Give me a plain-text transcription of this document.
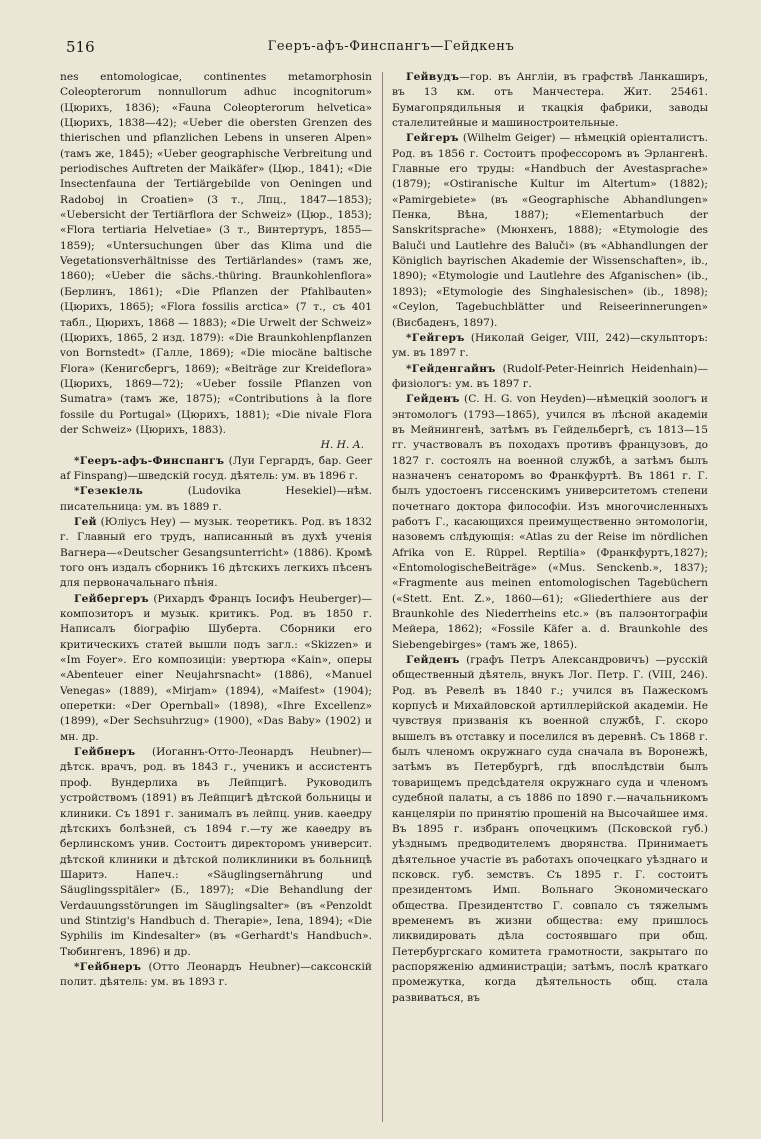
516	Гееръ-афъ-Финспангъ—Гейдкенъ

nes entomologicae, continentes metamorphosin Coleopterorum nonnullorum adhuc incognitorum» (Цюрихъ, 1836); «Fauna Coleopterorum helvetica» (Цюрихъ, 1838—42); «Ueber die obersten Grenzen des thierischen und pflanzlichen Lebens in unseren Alpen» (тамъ же, 1845); «Ueber geographische Verbreitung und periodisches Auftreten der Maikäfer» (Цюр., 1841); «Die Insectenfauna der Tertiärgebilde von Oeningen und Radoboj in Croatien» (3 т., Лпц., 1847—1853); «Uebersicht der Tertiärflora der Schweiz» (Цюр., 1853); «Flora tertiaria Helvetiae» (3 т., Винтертуръ, 1855—1859); «Untersuchungen über das Klima und die Vegetationsverhältnisse des Tertiärlandes» (тамъ же, 1860); «Ueber die sächs.-thüring. Braunkohlenflora» (Берлинъ, 1861); «Die Pflanzen der Pfahlbauten» (Цюрихъ, 1865); «Flora fossilis arctica» (7 т., съ 401 табл., Цюрихъ, 1868 — 1883); «Die Urwelt der Schweiz» (Цюрихъ, 1865, 2 изд. 1879): «Die Braunkohlenpflanzen von Bornstedt» (Галле, 1869); «Die miocäne baltische Flora» (Кенигсбергъ, 1869); «Beiträge zur Kreideflora» (Цюрихъ, 1869—72); «Ueber fossile Pflanzen von Sumatra» (тамъ же, 1875); «Contributions à la flore fossile du Portugal» (Цюрихъ, 1881); «Die nivale Flora der Schweiz» (Цюрихъ, 1883).
Н. Н. А.

*Гееръ-афъ-Финспангъ (Луи Гергардъ, бар. Geer af Finspang)—шведскій госуд. дѣятель: ум. въ 1896 г.

*Гезекіель (Ludovika Hesekiel)—нѣм. писательница: ум. въ 1889 г.

Гей (Юліусъ Hey) — музык. теоретикъ. Род. въ 1832 г. Главный его трудъ, написанный въ духѣ ученія Вагнера—«Deutscher Gesangsunterricht» (1886). Кромѣ того онъ издалъ сборникъ 16 дѣтскихъ легкихъ пѣсенъ для первоначальнаго пѣнія.

Гейбергеръ (Рихардъ Францъ Іосифъ Heuberger)—композиторъ и музык. критикъ. Род. въ 1850 г. Написалъ біографію Шуберта. Сборники его критическихъ статей вышли подъ загл.: «Skizzen» и «Im Foyer». Его композиціи: увертюра «Kain», оперы «Abenteuer einer Neujahrsnacht» (1886), «Manuel Venegas» (1889), «Mirjam» (1894), «Maifest» (1904); оперетки: «Der Opernball» (1898), «Ihre Excellenz» (1899), «Der Sechsuhrzug» (1900), «Das Baby» (1902) и мн. др.

Гейбнеръ (Иоганнъ-Отто-Леонардъ Heubner)—дѣтск. врачъ, род. въ 1843 г., ученикъ и ассистентъ проф. Вундерлиха въ Лейпцигѣ. Руководилъ устройствомъ (1891) въ Лейпцигѣ дѣтской больницы и клиники. Съ 1891 г. занималъ въ лейпц. унив. каѳедру дѣтскихъ болѣзней, съ 1894 г.—ту же каѳедру въ берлинскомъ унив. Состоитъ директоромъ университ. дѣтской клиники и дѣтской поликлиники въ больницѣ Шаритэ. Напеч.: «Säuglingsernährung und Säuglingsspitäler» (Б., 1897); «Die Behandlung der Verdauungsstörungen im Säuglingsalter» (въ «Penzoldt und Stintzig's Handbuch d. Therapie», Iena, 1894); «Die Syphilis im Kindesalter» (въ «Gerhardt's Handbuch». Тюбингенъ, 1896) и др.

*Гейбнеръ (Отто Леонардъ Heubner)—саксонскій полит. дѣятель: ум. въ 1893 г.

Гейвудъ—гор. въ Англіи, въ графствѣ Ланкаширъ, въ 13 км. отъ Манчестера. Жит. 25461. Бумагопрядильныя и ткацкія фабрики, заводы сталелитейные и машиностроительные.

Гейгеръ (Wilhelm Geiger) — нѣмецкій оріенталистъ. Род. въ 1856 г. Состоитъ профессоромъ въ Эрлангенѣ. Главные его труды: «Handbuch der Avestasprache» (1879); «Ostiranische Kultur im Altertum» (1882); «Pamirgebiete» (въ «Geographische Abhandlungen» Пенка, Вѣна, 1887); «Elementarbuch der Sanskritsprache» (Мюнхенъ, 1888); «Etymologie des Baluči und Lautlehre des Baluči» (въ «Abhandlungen der Königlich bayrischen Akademie der Wissenschaften», ib., 1890); «Etymologie und Lautlehre des Afganischen» (ib., 1893); «Etymologie des Singhalesischen» (ib., 1898); «Ceylon, Tagebuchblätter und Reiseerinnerungen» (Висбаденъ, 1897).

*Гейгеръ (Николай Geiger, VIII, 242)—скульпторъ: ум. въ 1897 г.

*Гейденгайнъ (Rudolf-Peter-Heinrich Heidenhain)—физіологъ: ум. въ 1897 г.

Гейденъ (С. H. G. von Heyden)—нѣмецкій зоологъ и энтомологъ (1793—1865), учился въ лѣсной академіи въ Мейнингенѣ, затѣмъ въ Гейдельбергѣ, съ 1813—15 гг. участвовалъ въ походахъ противъ французовъ, до 1827 г. состоялъ на военной службѣ, а затѣмъ былъ назначенъ сенаторомъ во Франкфуртѣ. Въ 1861 г. Г. былъ удостоенъ гиссенскимъ университетомъ степени почетнаго доктора философіи. Изъ многочисленныхъ работъ Г., касающихся преимущественно энтомологіи, назовемъ слѣдующія: «Atlas zu der Reise im nördlichen Afrika von E. Rüppel. Reptilia» (Франкфуртъ,1827); «EntomologischeBeiträge» («Mus. Senckenb.», 1837); «Fragmente aus meinen entomologischen Tagebüchern («Stett. Ent. Z.», 1860—61); «Gliederthiere aus der Braunkohle des Niederrheins etc.» (въ палэонтографіи Мейера, 1862); «Fossile Käfer a. d. Braunkohle des Siebengebirges» (тамъ же, 1865).

Гейденъ (графъ Петръ Александровичъ) —русскій общественный дѣятель, внукъ Лог. Петр. Г. (VIII, 246). Род. въ Ревелѣ въ 1840 г.; учился въ Пажескомъ корпусѣ и Михайловской артиллерійской академіи. Не чувствуя призванія къ военной службѣ, Г. скоро вышелъ въ отставку и поселился въ деревнѣ. Съ 1868 г. былъ членомъ окружнаго суда сначала въ Воронежѣ, затѣмъ въ Петербургѣ, гдѣ впослѣдствіи былъ товарищемъ предсѣдателя окружнаго суда и членомъ судебной палаты, а съ 1886 по 1890 г.—начальникомъ канцеляріи по принятію прошеній на Высочайшее имя. Въ 1895 г. избранъ опочецкимъ (Псковской губ.) уѣзднымъ предводителемъ дворянства. Принимаетъ дѣятельное участіе въ работахъ опочецкаго уѣзднаго и псковск. губ. земствъ. Съ 1895 г. Г. состоитъ президентомъ Имп. Вольнаго Экономическаго общества. Президентство Г. совпало съ тяжелымъ временемъ въ жизни общества: ему пришлось ликвидировать дѣла состоявшаго при общ. Петербургскаго комитета грамотности, закрытаго по распоряженію администраціи; затѣмъ, послѣ краткаго промежутка, когда дѣятельность общ. стала развиваться, въ
